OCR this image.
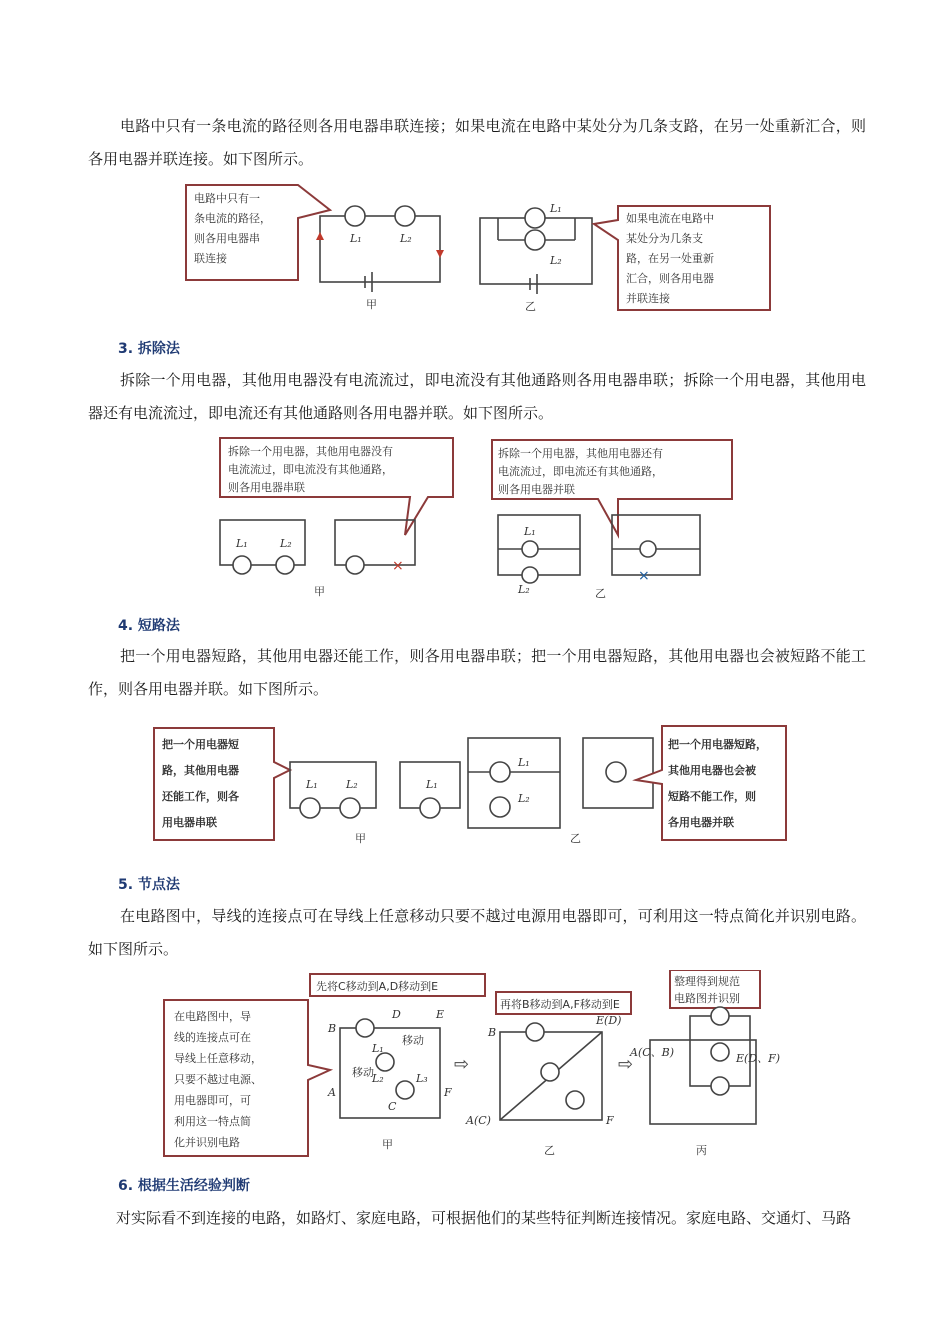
电路中只有一条电流的路径则各用电器串联连接；如果电流在电路中某处分为几条支路，在另一处重新汇合，则各用电器并联连接。如下图所示。

电路中只有一
条电流的路径，
则各用电器串
联连接
L₁	L₂
甲
L₁
L₂
乙
如果电流在电路中
某处分为几条支
路，在另一处重新
汇合，则各用电器
并联连接

3. 拆除法

拆除一个用电器，其他用电器没有电流流过，即电流没有其他通路则各用电器串联；拆除一个用电器，其他用电器还有电流流过，即电流还有其他通路则各用电器并联。如下图所示。

拆除一个用电器，其他用电器没有
电流流过，即电流没有其他通路，
则各用电器串联
×
L₁	L₂
甲
拆除一个用电器，其他用电器还有
电流流过，即电流还有其他通路，
则各用电器并联
×
L₁
L₂	乙

4. 短路法

把一个用电器短路，其他用电器还能工作，则各用电器串联；把一个用电器短路，其他用电器也会被短路不能工作，则各用电器并联。如下图所示。

把一个用电器短
路，其他用电器
还能工作，则各
用电器串联
L₁	L₂
甲
L₁
L₁
L₂
乙
把一个用电器短路，
其他用电器也会被
短路不能工作，则
各用电器并联

5. 节点法

在电路图中，导线的连接点可在导线上任意移动只要不越过电源用电器即可，可利用这一特点简化并识别电路。如下图所示。

在电路图中，导
线的连接点可在
导线上任意移动，
只要不越过电源、
用电器即可，可
利用这一特点简
化并识别电路
先将C移动到A,D移动到E
B
D	E
A
C
F
L₁
L₂	L₃
移动
移动
甲
⇨
再将B移动到A,F移动到E
B
E(D)
A(C)	F
乙
⇨
整理得到规范
电路图并识别
A(C、B)	E(D、F)
丙

6. 根据生活经验判断

对实际看不到连接的电路，如路灯、家庭电路，可根据他们的某些特征判断连接情况。家庭电路、交通灯、马路
